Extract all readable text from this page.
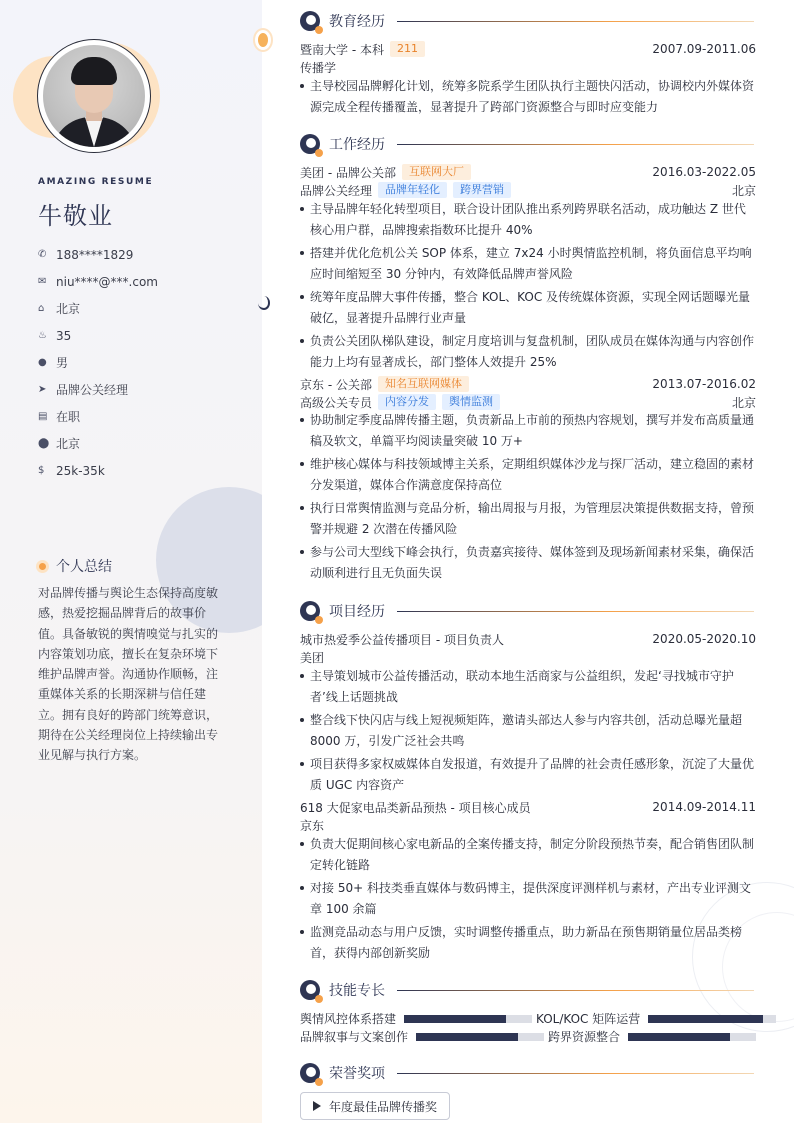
AMAZING RESUME
牛敬业
✆ 188****1829
✉ niu****@***.com
⌂ 北京
♨ 35
● 男
➤ 品牌公关经理
▤ 在职
⬤ 北京
$ 25k-35k
个人总结

对品牌传播与舆论生态保持高度敏感，热爱挖掘品牌背后的故事价值。具备敏锐的舆情嗅觉与扎实的内容策划功底，擅长在复杂环境下维护品牌声誉。沟通协作顺畅，注重媒体关系的长期深耕与信任建立。拥有良好的跨部门统筹意识，期待在公关经理岗位上持续输出专业见解与执行方案。

教育经历
暨南大学 - 本科	211	2007.09-2011.06
传播学
主导校园品牌孵化计划，统筹多院系学生团队执行主题快闪活动，协调校内外媒体资源完成全程传播覆盖，显著提升了跨部门资源整合与即时应变能力
工作经历
美团 - 品牌公关部	互联网大厂	2016.03-2022.05
品牌公关经理	品牌年轻化	跨界营销	北京
主导品牌年轻化转型项目，联合设计团队推出系列跨界联名活动，成功触达 Z 世代核心用户群，品牌搜索指数环比提升 40%
搭建并优化危机公关 SOP 体系，建立 7x24 小时舆情监控机制，将负面信息平均响应时间缩短至 30 分钟内，有效降低品牌声誉风险
统筹年度品牌大事件传播，整合 KOL、KOC 及传统媒体资源，实现全网话题曝光量破亿，显著提升品牌行业声量
负责公关团队梯队建设，制定月度培训与复盘机制，团队成员在媒体沟通与内容创作能力上均有显著成长，部门整体人效提升 25%
京东 - 公关部	知名互联网媒体	2013.07-2016.02
高级公关专员	内容分发	舆情监测	北京
协助制定季度品牌传播主题，负责新品上市前的预热内容规划，撰写并发布高质量通稿及软文，单篇平均阅读量突破 10 万+
维护核心媒体与科技领域博主关系，定期组织媒体沙龙与探厂活动，建立稳固的素材分发渠道，媒体合作满意度保持高位
执行日常舆情监测与竞品分析，输出周报与月报，为管理层决策提供数据支持，曾预警并规避 2 次潜在传播风险
参与公司大型线下峰会执行，负责嘉宾接待、媒体签到及现场新闻素材采集，确保活动顺利进行且无负面失误
项目经历
城市热爱季公益传播项目 - 项目负责人	2020.05-2020.10
美团
主导策划城市公益传播活动，联动本地生活商家与公益组织，发起‘寻找城市守护者’线上话题挑战
整合线下快闪店与线上短视频矩阵，邀请头部达人参与内容共创，活动总曝光量超 8000 万，引发广泛社会共鸣
项目获得多家权威媒体自发报道，有效提升了品牌的社会责任感形象，沉淀了大量优质 UGC 内容资产
618 大促家电品类新品预热 - 项目核心成员	2014.09-2014.11
京东
负责大促期间核心家电新品的全案传播支持，制定分阶段预热节奏，配合销售团队制定转化链路
对接 50+ 科技类垂直媒体与数码博主，提供深度评测样机与素材，产出专业评测文章 100 余篇
监测竞品动态与用户反馈，实时调整传播重点，助力新品在预售期销量位居品类榜首，获得内部创新奖励
技能专长
舆情风控体系搭建	KOL/KOC 矩阵运营
品牌叙事与文案创作	跨界资源整合
荣誉奖项
年度最佳品牌传播奖
